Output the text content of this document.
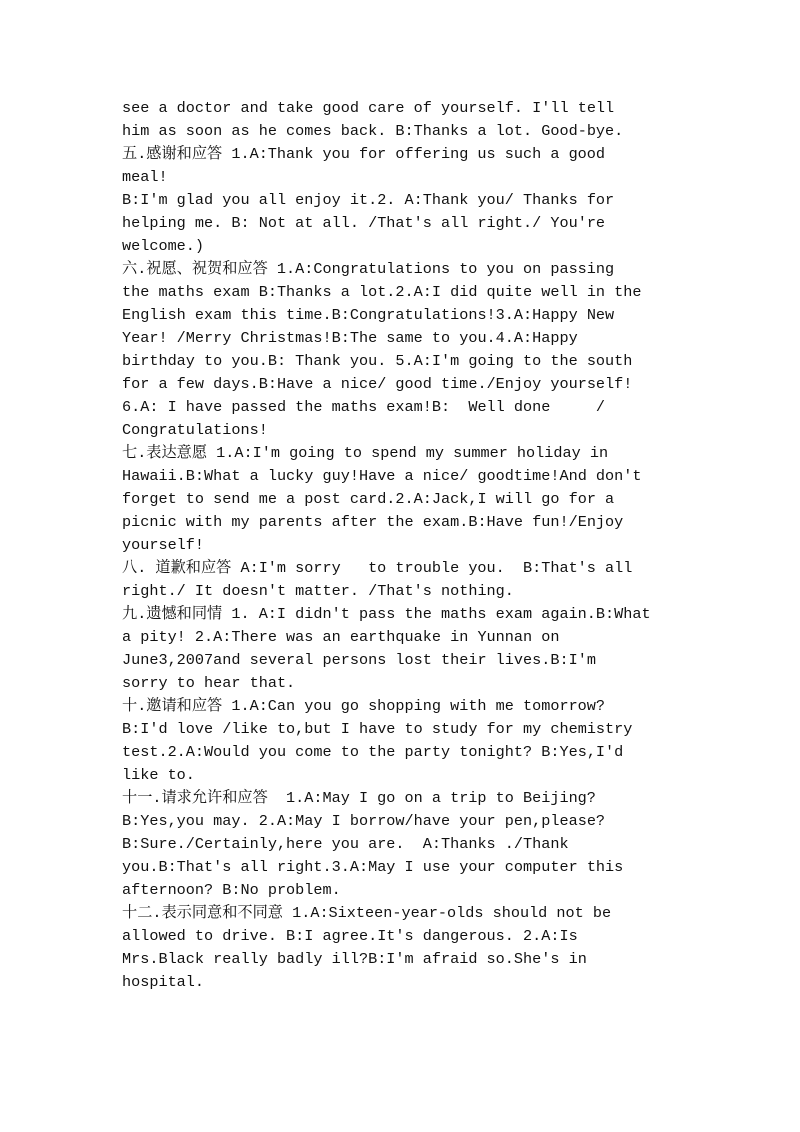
see a doctor and take good care of yourself. I'll tell
him as soon as he comes back. B:Thanks a lot. Good-bye.
五.感谢和应答 1.A:Thank you for offering us such a good
meal!
B:I'm glad you all enjoy it.2. A:Thank you/ Thanks for
helping me. B: Not at all. /That's all right./ You're
welcome.)
六.祝愿、祝贺和应答 1.A:Congratulations to you on passing
the maths exam B:Thanks a lot.2.A:I did quite well in the
English exam this time.B:Congratulations!3.A:Happy New
Year! /Merry Christmas!B:The same to you.4.A:Happy
birthday to you.B: Thank you. 5.A:I'm going to the south
for a few days.B:Have a nice/ good time./Enjoy yourself!
6.A: I have passed the maths exam!B:  Well done     /
Congratulations!
七.表达意愿 1.A:I'm going to spend my summer holiday in
Hawaii.B:What a lucky guy!Have a nice/ goodtime!And don't
forget to send me a post card.2.A:Jack,I will go for a
picnic with my parents after the exam.B:Have fun!/Enjoy
yourself!
八. 道歉和应答 A:I'm sorry   to trouble you.  B:That's all
right./ It doesn't matter. /That's nothing.
九.遗憾和同情 1. A:I didn't pass the maths exam again.B:What
a pity! 2.A:There was an earthquake in Yunnan on
June3,2007and several persons lost their lives.B:I'm
sorry to hear that.
十.邀请和应答 1.A:Can you go shopping with me tomorrow?
B:I'd love /like to,but I have to study for my chemistry
test.2.A:Would you come to the party tonight? B:Yes,I'd
like to.
十一.请求允许和应答  1.A:May I go on a trip to Beijing?
B:Yes,you may. 2.A:May I borrow/have your pen,please?
B:Sure./Certainly,here you are.  A:Thanks ./Thank
you.B:That's all right.3.A:May I use your computer this
afternoon? B:No problem.
十二.表示同意和不同意 1.A:Sixteen-year-olds should not be
allowed to drive. B:I agree.It's dangerous. 2.A:Is
Mrs.Black really badly ill?B:I'm afraid so.She's in
hospital.
